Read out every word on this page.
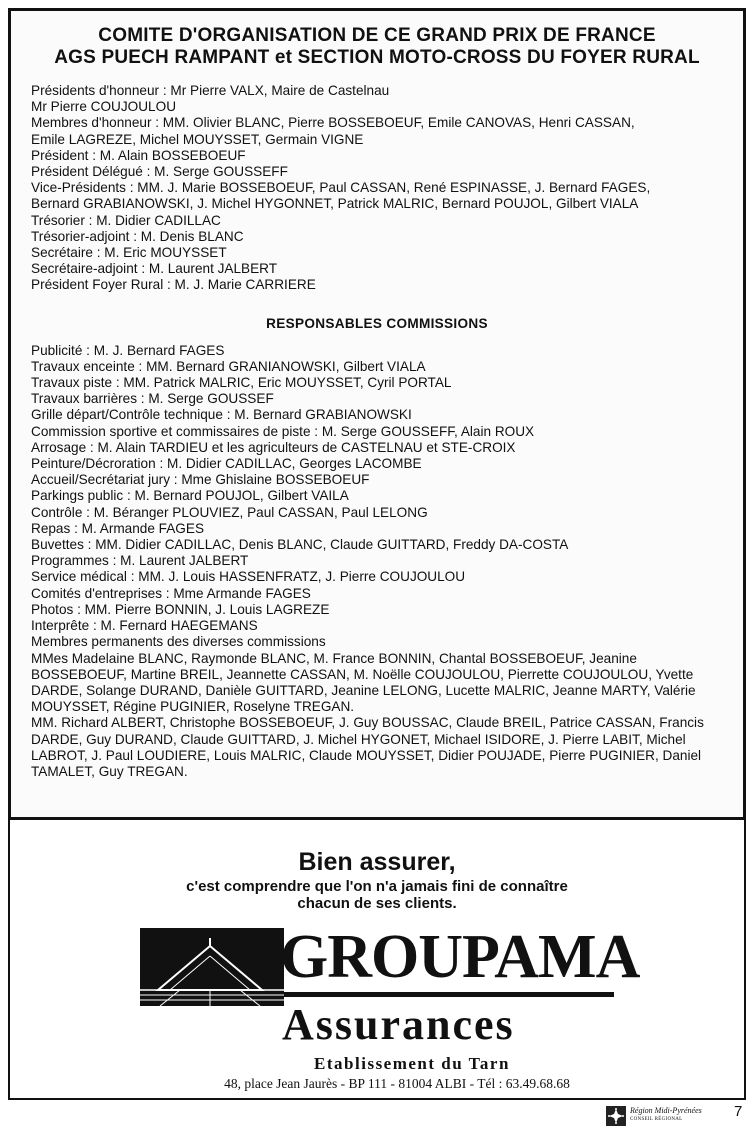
COMITE D'ORGANISATION DE CE GRAND PRIX DE FRANCE
AGS PUECH RAMPANT et SECTION MOTO-CROSS DU FOYER RURAL
Présidents d'honneur : Mr Pierre VALX, Maire de Castelnau
Mr Pierre COUJOULOU
Membres d'honneur : MM. Olivier BLANC, Pierre BOSSEBOEUF, Emile CANOVAS, Henri CASSAN,
Emile LAGREZE, Michel MOUYSSET, Germain VIGNE
Président : M. Alain BOSSEBOEUF
Président Délégué : M. Serge GOUSSEFF
Vice-Présidents : MM. J. Marie BOSSEBOEUF, Paul CASSAN, René ESPINASSE, J. Bernard FAGES,
Bernard GRABIANOWSKI, J. Michel HYGONNET, Patrick MALRIC, Bernard POUJOL, Gilbert VIALA
Trésorier : M. Didier CADILLAC
Trésorier-adjoint : M. Denis BLANC
Secrétaire : M. Eric MOUYSSET
Secrétaire-adjoint : M. Laurent JALBERT
Président Foyer Rural : M. J. Marie CARRIERE
RESPONSABLES COMMISSIONS
Publicité : M. J. Bernard FAGES
Travaux enceinte : MM. Bernard GRANIANOWSKI, Gilbert VIALA
Travaux piste : MM. Patrick MALRIC, Eric MOUYSSET, Cyril PORTAL
Travaux barrières : M. Serge GOUSSEF
Grille départ/Contrôle technique : M. Bernard GRABIANOWSKI
Commission sportive et commissaires de piste : M. Serge GOUSSEFF, Alain ROUX
Arrosage : M. Alain TARDIEU et les agriculteurs de CASTELNAU et STE-CROIX
Peinture/Décroration : M. Didier CADILLAC, Georges LACOMBE
Accueil/Secrétariat jury : Mme Ghislaine BOSSEBOEUF
Parkings public : M. Bernard POUJOL, Gilbert VAILA
Contrôle : M. Béranger PLOUVIEZ, Paul CASSAN, Paul LELONG
Repas : M. Armande FAGES
Buvettes : MM. Didier CADILLAC, Denis BLANC, Claude GUITTARD, Freddy DA-COSTA
Programmes : M. Laurent JALBERT
Service médical : MM. J. Louis HASSENFRATZ, J. Pierre COUJOULOU
Comités d'entreprises : Mme Armande FAGES
Photos : MM. Pierre BONNIN, J. Louis LAGREZE
Interprête : M. Fernard HAEGEMANS
Membres permanents des diverses commissions

MMes Madelaine BLANC, Raymonde BLANC, M. France BONNIN, Chantal BOSSEBOEUF, Jeanine BOSSEBOEUF, Martine BREIL, Jeannette CASSAN, M. Noëlle COUJOULOU, Pierrette COUJOULOU, Yvette DARDE, Solange DURAND, Danièle GUITTARD, Jeanine LELONG, Lucette MALRIC, Jeanne MARTY, Valérie MOUYSSET, Régine PUGINIER, Roselyne TREGAN.

MM. Richard ALBERT, Christophe BOSSEBOEUF, J. Guy BOUSSAC, Claude BREIL, Patrice CASSAN, Francis DARDE, Guy DURAND, Claude GUITTARD, J. Michel HYGONET, Michael ISIDORE, J. Pierre LABIT, Michel LABROT, J. Paul LOUDIERE, Louis MALRIC, Claude MOUYSSET, Didier POUJADE, Pierre PUGINIER, Daniel TAMALET, Guy TREGAN.

Bien assurer,
c'est comprendre que l'on n'a jamais fini de connaître
chacun de ses clients.
GROUPAMA
Assurances
Etablissement du Tarn
48, place Jean Jaurès - BP 111 - 81004 ALBI - Tél : 63.49.68.68
Région Midi-Pyrénées
CONSEIL RÉGIONAL	7
